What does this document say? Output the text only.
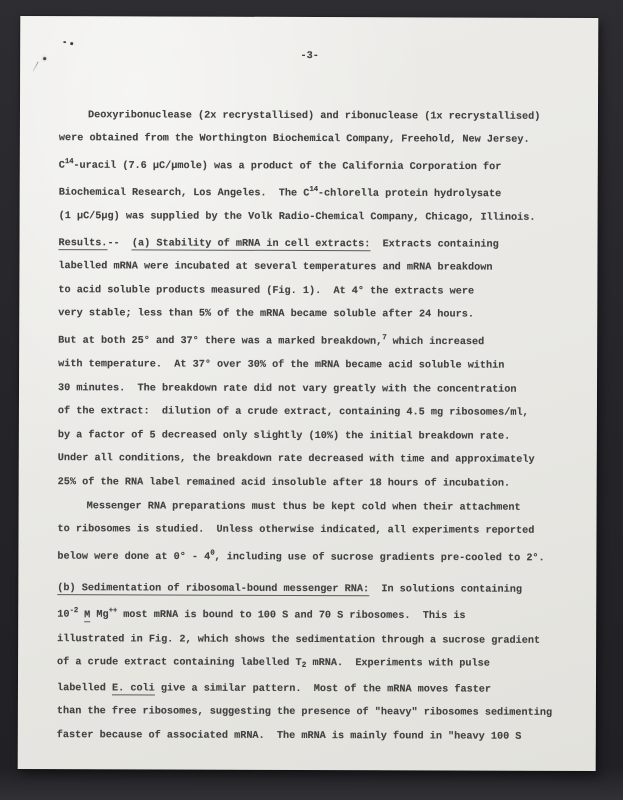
-3-
Deoxyribonuclease (2x recrystallised) and ribonuclease (1x recrystallised)
were obtained from the Worthington Biochemical Company, Freehold, New Jersey.
$C^{14}$-uracil (7.6 µC/µmole) was a product of the California Corporation for
Biochemical Research, Los Angeles.  The $C^{14}$-chlorella protein hydrolysate
(1 µC/5µg) was supplied by the Volk Radio-Chemical Company, Chicago, Illinois.
Results.--  (a) Stability of mRNA in cell extracts:  Extracts containing
labelled mRNA were incubated at several temperatures and mRNA breakdown
to acid soluble products measured (Fig. 1).  At 4° the extracts were
very stable; less than 5% of the mRNA became soluble after 24 hours.
But at both 25° and 37° there was a marked breakdown,$^7$ which increased
with temperature.  At 37° over 30% of the mRNA became acid soluble within
30 minutes.  The breakdown rate did not vary greatly with the concentration
of the extract:  dilution of a crude extract, containing 4.5 mg ribosomes/ml,
by a factor of 5 decreased only slightly (10%) the initial breakdown rate.
Under all conditions, the breakdown rate decreased with time and approximately
25% of the RNA label remained acid insoluble after 18 hours of incubation.
Messenger RNA preparations must thus be kept cold when their attachment
to ribosomes is studied.  Unless otherwise indicated, all experiments reported
below were done at $0^\circ - 4^0$, including use of sucrose gradients pre-cooled to 2°.
(b) Sedimentation of ribosomal-bound messenger RNA:  In solutions containing
$10^{-2}$ M Mg++ most mRNA is bound to 100 S and 70 S ribosomes.  This is
illustrated in Fig. 2, which shows the sedimentation through a sucrose gradient
of a crude extract containing labelled $T_2$ mRNA.  Experiments with pulse
labelled E. coli give a similar pattern.  Most of the mRNA moves faster
than the free ribosomes, suggesting the presence of "heavy" ribosomes sedimenting
faster because of associated mRNA.  The mRNA is mainly found in "heavy 100 S
